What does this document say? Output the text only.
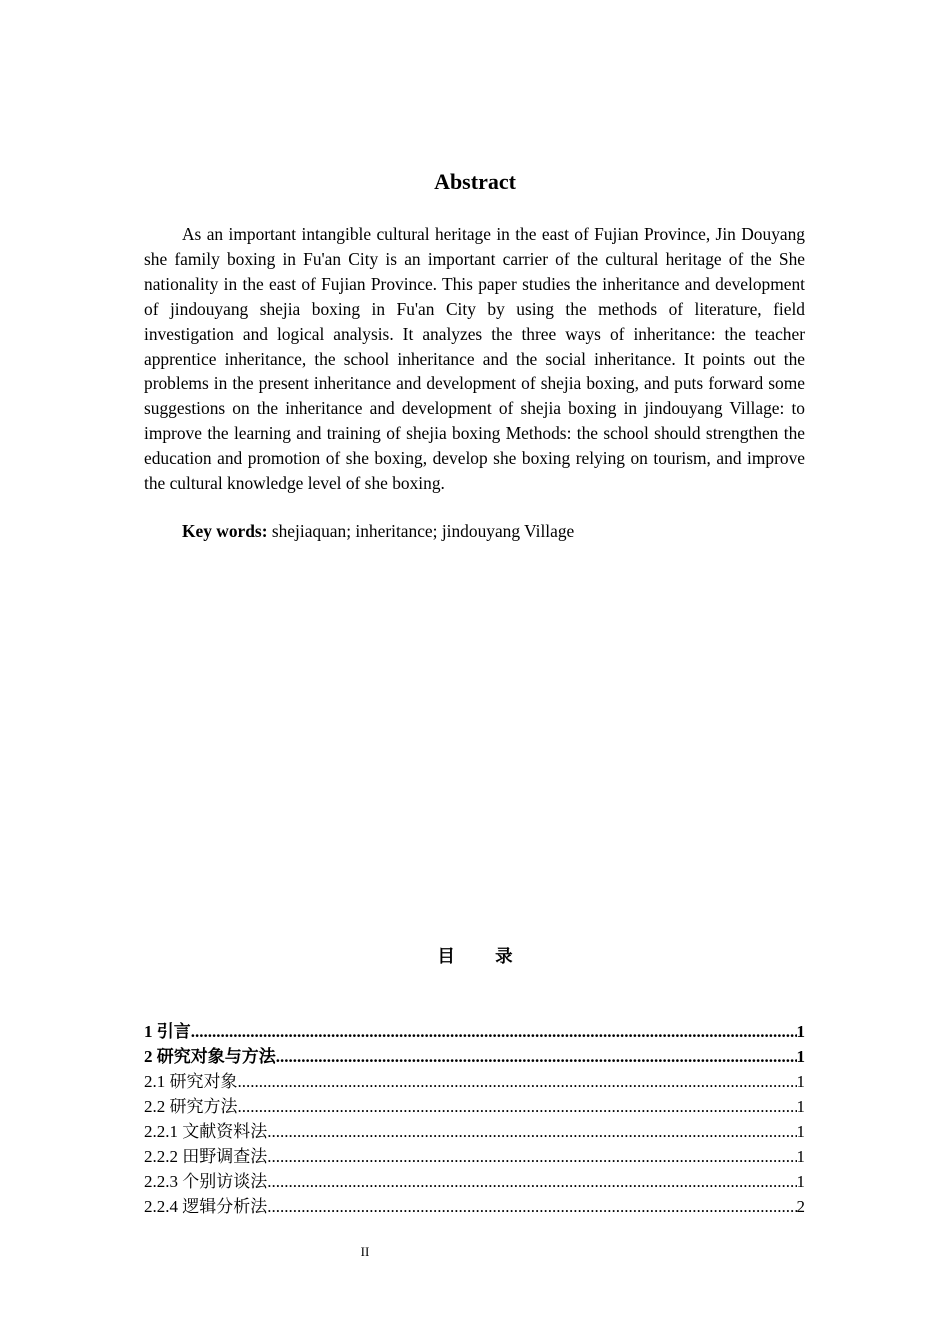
Abstract

As an important intangible cultural heritage in the east of Fujian Province, Jin Douyang she family boxing in Fu'an City is an important carrier of the cultural heritage of the She nationality in the east of Fujian Province. This paper studies the inheritance and development of jindouyang shejia boxing in Fu'an City by using the methods of literature, field investigation and logical analysis. It analyzes the three ways of inheritance: the teacher apprentice inheritance, the school inheritance and the social inheritance. It points out the problems in the present inheritance and development of shejia boxing, and puts forward some suggestions on the inheritance and development of shejia boxing in jindouyang Village: to improve the learning and training of shejia boxing Methods: the school should strengthen the education and promotion of she boxing, develop she boxing relying on tourism, and improve the cultural knowledge level of she boxing.

Key words: shejiaquan; inheritance; jindouyang Village

目 录
1 引言 .....	1
2 研究对象与方法 .....	1
2.1 研究对象 .....	1
2.2 研究方法 .....	1
2.2.1 文献资料法 .....	1
2.2.2 田野调查法 .....	1
2.2.3 个别访谈法 .....	1
2.2.4 逻辑分析法 .....	2
II
